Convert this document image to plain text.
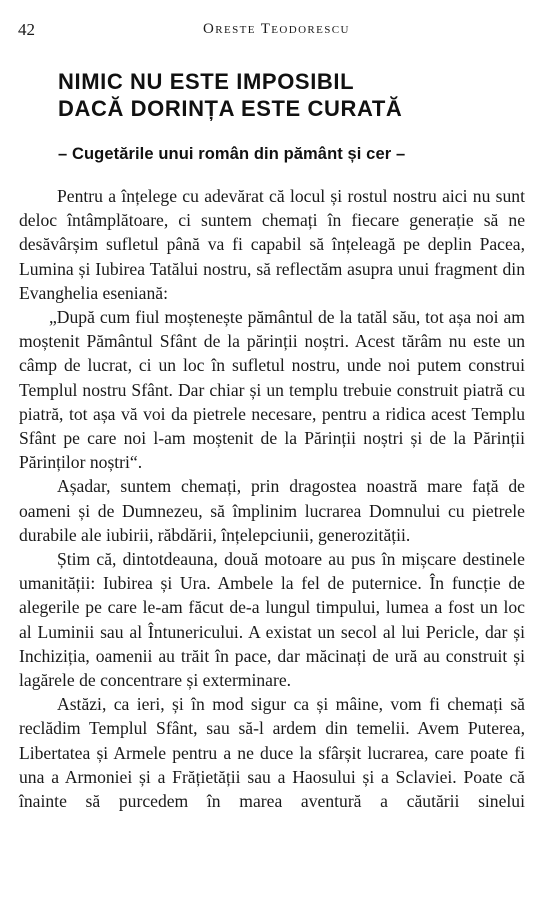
42	Oreste Teodorescu
NIMIC NU ESTE IMPOSIBIL
DACĂ DORINȚA ESTE CURATĂ
– Cugetările unui român din pământ și cer –

Pentru a înțelege cu adevărat că locul și rostul nostru aici nu sunt deloc întâmplătoare, ci suntem chemați în fiecare generație să ne desăvârșim sufletul până va fi capabil să înțeleagă pe deplin Pacea, Lumina și Iubirea Tatălui nostru, să reflectăm asupra unui fragment din Evanghelia eseniană:

„După cum fiul moștenește pământul de la tatăl său, tot așa noi am moștenit Pământul Sfânt de la părinții noștri. Acest tărâm nu este un câmp de lucrat, ci un loc în sufletul nostru, unde noi putem construi Templul nostru Sfânt. Dar chiar și un templu trebuie construit piatră cu piatră, tot așa vă voi da pietrele necesare, pentru a ridica acest Templu Sfânt pe care noi l-am moștenit de la Părinții noștri și de la Părinții Părinților noștri“.

Așadar, suntem chemați, prin dragostea noastră mare față de oameni și de Dumnezeu, să împlinim lucrarea Domnului cu pietrele durabile ale iubirii, răbdării, înțelepciunii, generozității.

Știm că, dintotdeauna, două motoare au pus în mișcare destinele umanității: Iubirea și Ura. Ambele la fel de puternice. În funcție de alegerile pe care le-am făcut de-a lungul timpului, lumea a fost un loc al Luminii sau al Întunericului. A existat un secol al lui Pericle, dar și Inchiziția, oamenii au trăit în pace, dar măcinați de ură au construit și lagărele de concentrare și exterminare.

Astăzi, ca ieri, și în mod sigur ca și mâine, vom fi chemați să reclădim Templul Sfânt, sau să-l ardem din temelii. Avem Puterea, Libertatea și Armele pentru a ne duce la sfârșit lucrarea, care poate fi una a Armoniei și a Frățietății sau a Haosului și a Sclaviei. Poate că înainte să purcedem în marea aventură a căutării sinelui
